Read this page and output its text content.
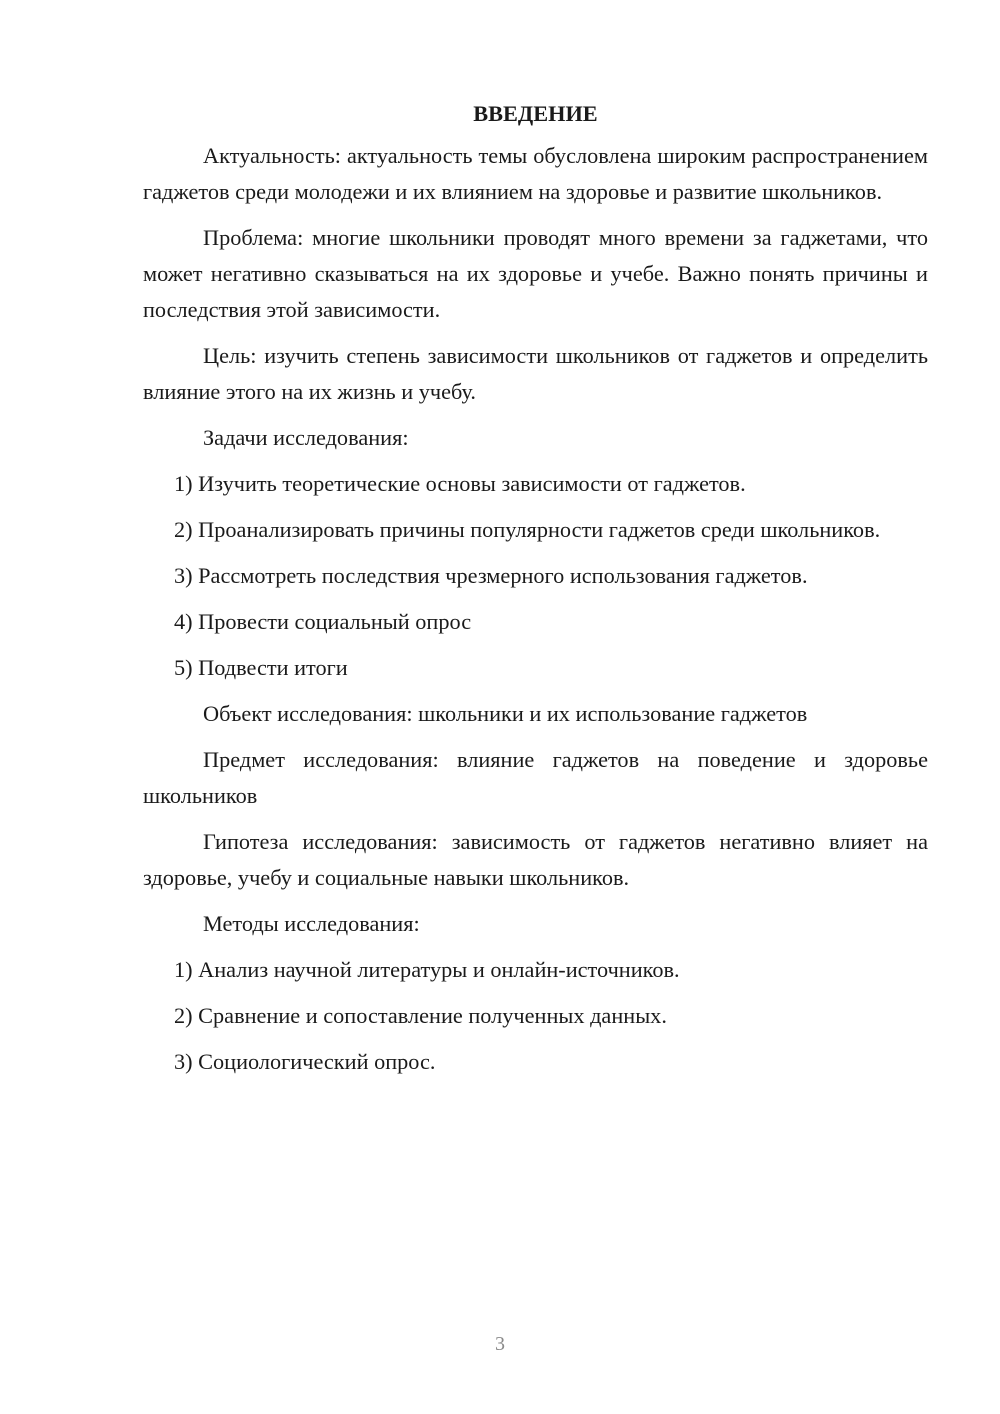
ВВЕДЕНИЕ

Актуальность: актуальность темы обусловлена широким распространением гаджетов среди молодежи и их влиянием на здоровье и развитие школьников.

Проблема: многие школьники проводят много времени за гаджетами, что может негативно сказываться на их здоровье и учебе. Важно понять причины и последствия этой зависимости.

Цель: изучить степень зависимости школьников от гаджетов и определить влияние этого на их жизнь и учебу.

Задачи исследования:

1) Изучить теоретические основы зависимости от гаджетов.

2) Проанализировать причины популярности гаджетов среди школьников.

3) Рассмотреть последствия чрезмерного использования гаджетов.

4) Провести социальный опрос

5) Подвести итоги

Объект исследования: школьники и их использование гаджетов

Предмет исследования: влияние гаджетов на поведение и здоровье школьников

Гипотеза исследования: зависимость от гаджетов негативно влияет на здоровье, учебу и социальные навыки школьников.

Методы исследования:

1) Анализ научной литературы и онлайн-источников.

2) Сравнение и сопоставление полученных данных.

3) Социологический опрос.

3
